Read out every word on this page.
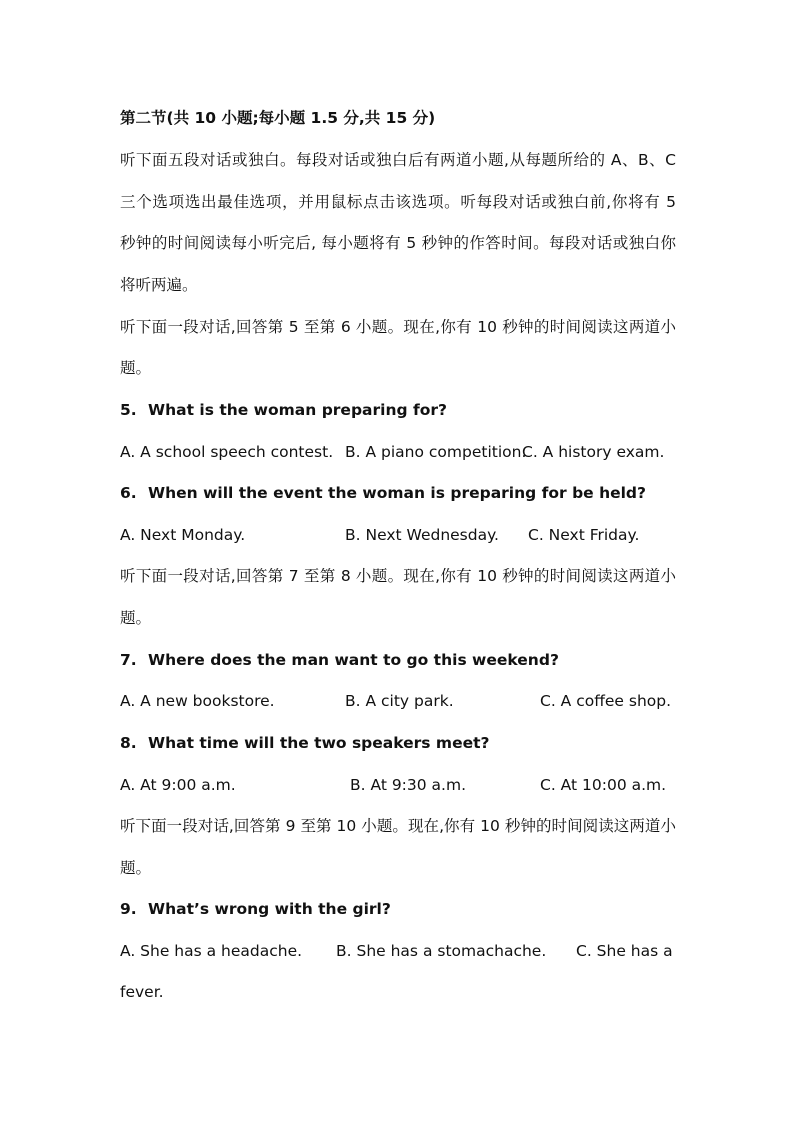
第二节(共 10 小题;每小题 1.5 分,共 15 分)
听下面五段对话或独白。每段对话或独白后有两道小题,从每题所给的 A、B、C
三个选项选出最佳选项，并用鼠标点击该选项。听每段对话或独白前,你将有 5
秒钟的时间阅读每小听完后, 每小题将有 5 秒钟的作答时间。每段对话或独白你
将听两遍。
听下面一段对话,回答第 5 至第 6 小题。现在,你有 10 秒钟的时间阅读这两道小
题。
5. What is the woman preparing for?
A. A school speech contest. B. A piano competition.
C. A history exam.
6. When will the event the woman is preparing for be held?
A. Next Monday.	B. Next Wednesday. C. Next Friday.
听下面一段对话,回答第 7 至第 8 小题。现在,你有 10 秒钟的时间阅读这两道小
题。
7. Where does the man want to go this weekend?
A. A new bookstore.	B. A city park.	C. A coffee shop.
8. What time will the two speakers meet?
A. At 9:00 a.m.	B. At 9:30 a.m.	C. At 10:00 a.m.
听下面一段对话,回答第 9 至第 10 小题。现在,你有 10 秒钟的时间阅读这两道小
题。
9. What’s wrong with the girl?
A. She has a headache. B. She has a stomachache. C. She has a
fever.
